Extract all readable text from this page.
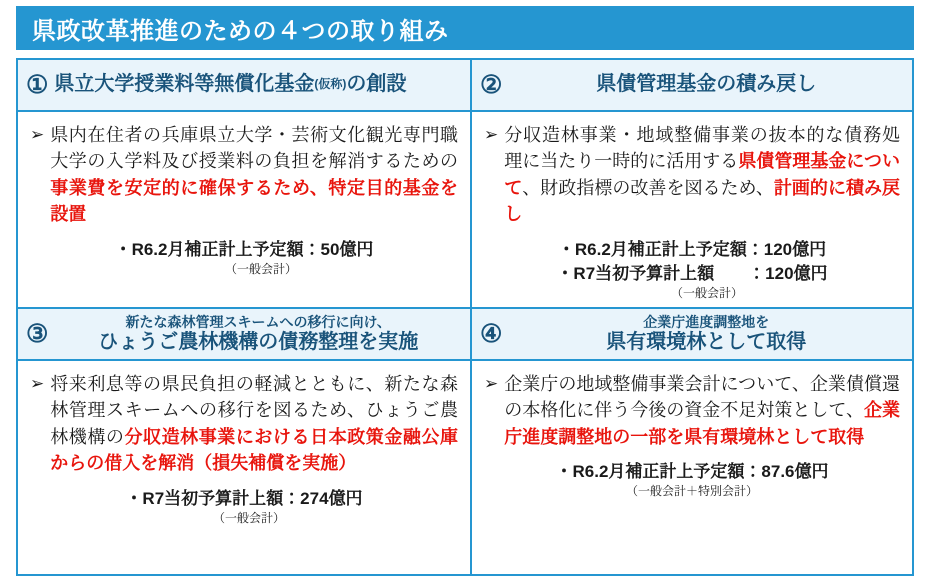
県政改革推進のための４つの取り組み
① 県立大学授業料等無償化基金(仮称)の創設
➢ 県内在住者の兵庫県立大学・芸術文化観光専門職大学の入学料及び授業料の負担を解消するための事業費を安定的に確保するため、特定目的基金を設置
・R6.2月補正計上予定額：50億円
（一般会計）
②	県債管理基金の積み戻し
➢ 分収造林事業・地域整備事業の抜本的な債務処理に当たり一時的に活用する県債管理基金について、財政指標の改善を図るため、計画的に積み戻し
・R6.2月補正計上予定額：120億円 ・R7当初予算計上額　　：120億円
（一般会計）
③	新たな森林管理スキームへの移行に向け、
ひょうご農林機構の債務整理を実施
➢ 将来利息等の県民負担の軽減とともに、新たな森林管理スキームへの移行を図るため、ひょうご農林機構の分収造林事業における日本政策金融公庫からの借入を解消（損失補償を実施）
・R7当初予算計上額：274億円
（一般会計）
④	企業庁進度調整地を
県有環境林として取得
➢ 企業庁の地域整備事業会計について、企業債償還の本格化に伴う今後の資金不足対策として、企業庁進度調整地の一部を県有環境林として取得
・R6.2月補正計上予定額：87.6億円
（一般会計＋特別会計）
